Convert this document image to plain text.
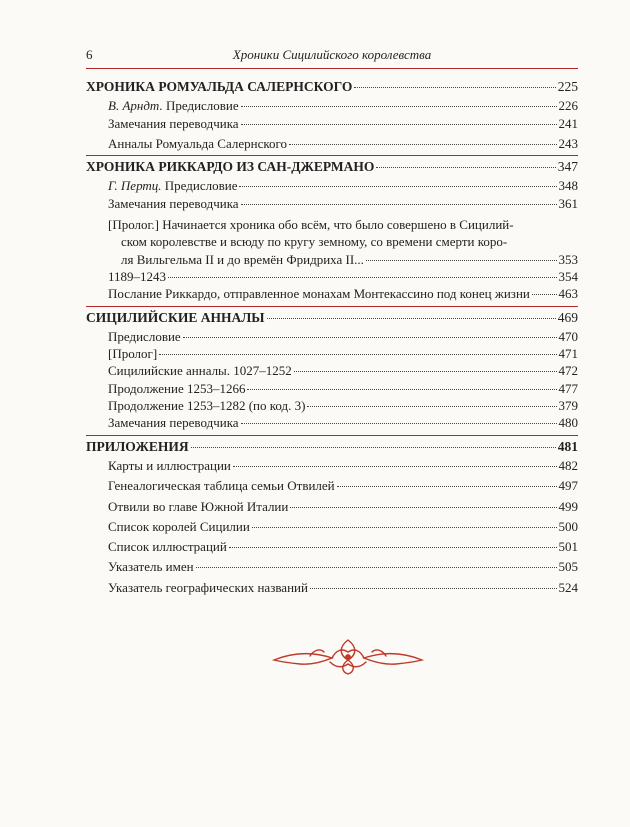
6	Хроники Сицилийского королевства
ХРОНИКА РОМУАЛЬДА САЛЕРНСКОГО	225
В. Арндт. Предисловие	226
Замечания переводчика	241
Анналы Ромуальда Салернского	243
ХРОНИКА РИККАРДО ИЗ САН-ДЖЕРМАНО	347
Г. Пертц. Предисловие	348
Замечания переводчика	361
[Пролог.] Начинается хроника обо всём, что было совершено в Сицилий-
ском королевстве и всюду по кругу земному, со времени смерти коро-
ля Вильгельма II и до времён Фридриха II...	353
1189–1243	354
Послание Риккардо, отправленное монахам Монтекассино под конец жизни 463
СИЦИЛИЙСКИЕ АННАЛЫ	469
Предисловие	470
[Пролог]	471
Сицилийские анналы. 1027–1252	472
Продолжение 1253–1266	477
Продолжение 1253–1282 (по код. 3)	379
Замечания переводчика	480
ПРИЛОЖЕНИЯ	481
Карты и иллюстрации	482
Генеалогическая таблица семьи Отвилей	497
Отвили во главе Южной Италии	499
Список королей Сицилии	500
Список иллюстраций	501
Указатель имен	505
Указатель географических названий	524
